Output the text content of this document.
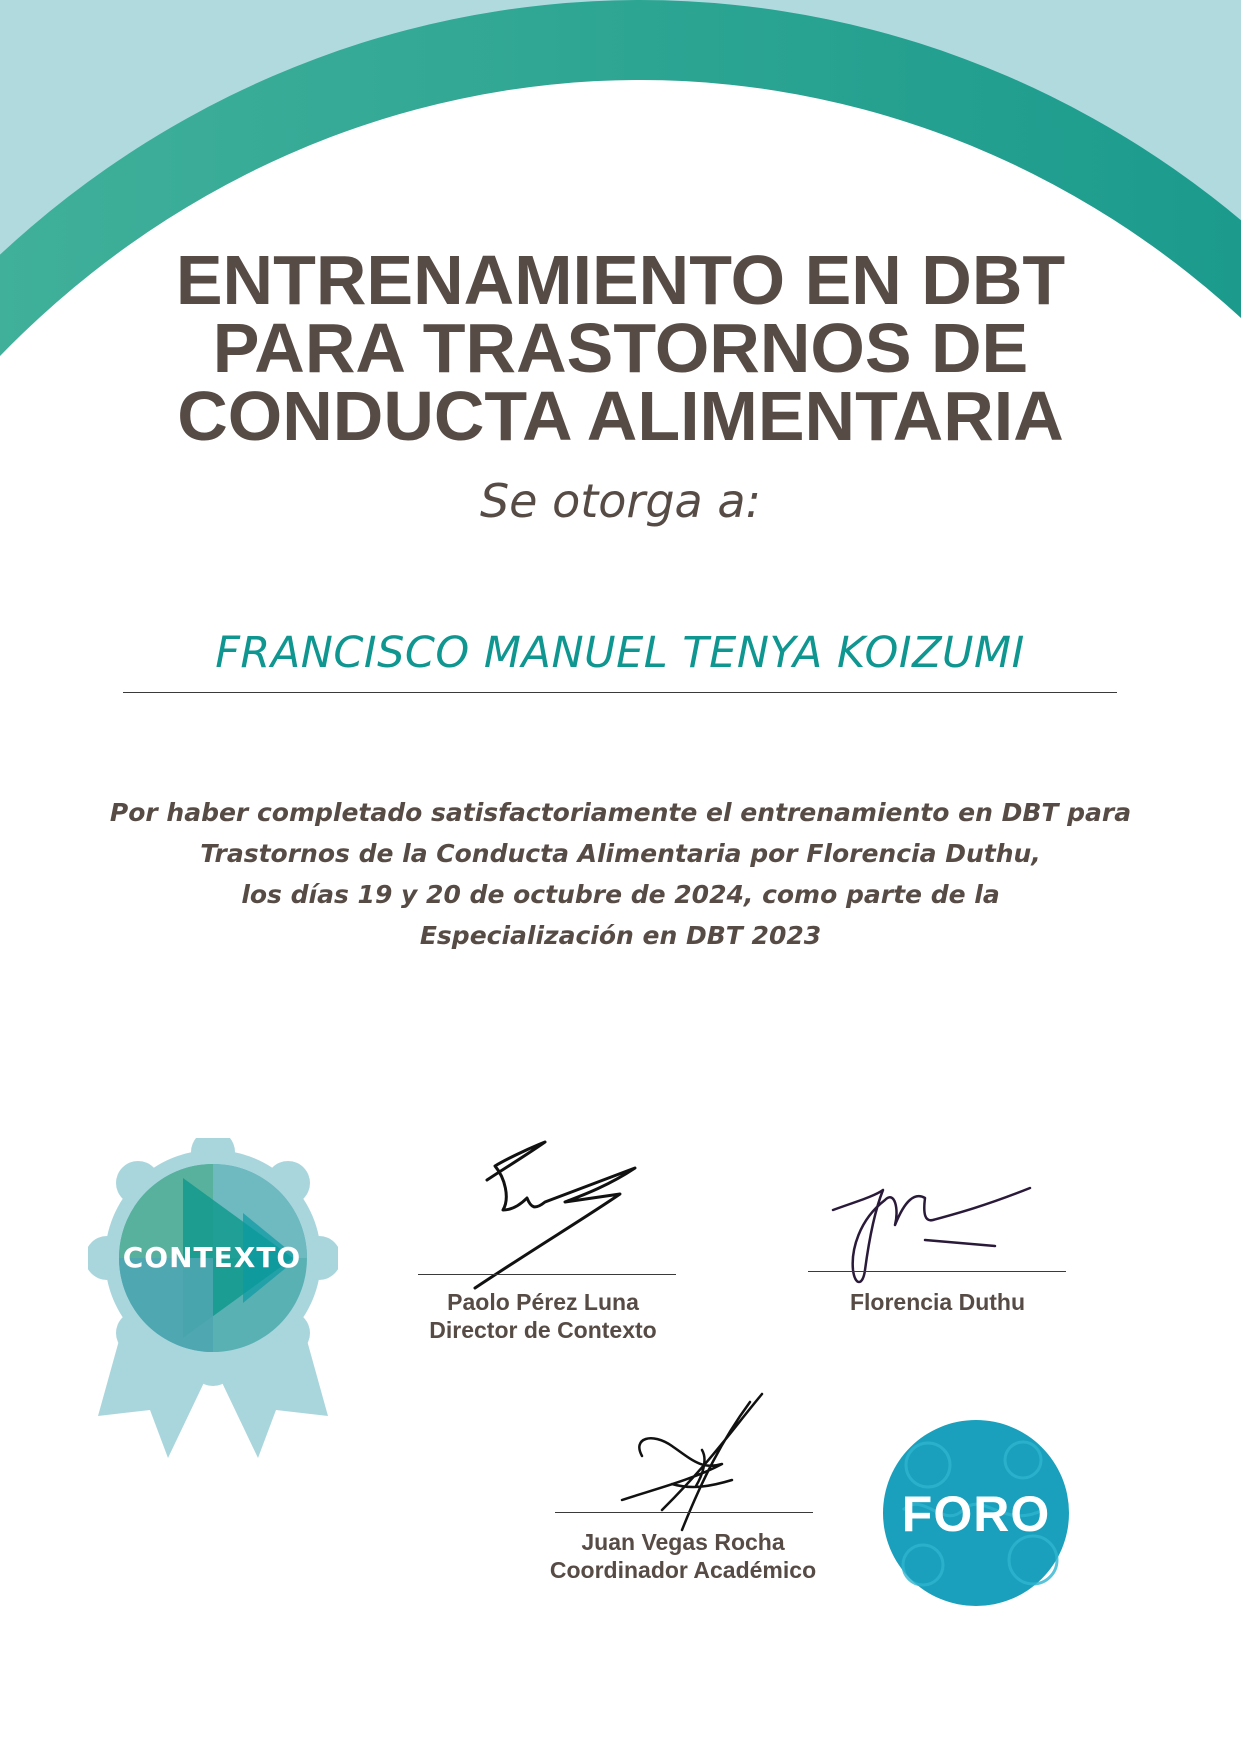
ENTRENAMIENTO EN DBT
PARA TRASTORNOS DE
CONDUCTA ALIMENTARIA
Se otorga a:
FRANCISCO MANUEL TENYA KOIZUMI
Por haber completado satisfactoriamente el entrenamiento en DBT para
Trastornos de la Conducta Alimentaria por Florencia Duthu,
los días 19 y 20 de octubre de 2024, como parte de la
Especialización en DBT 2023
CONTEXTO
Paolo Pérez Luna
Director de Contexto
Florencia Duthu
Juan Vegas Rocha
Coordinador Académico
FORO
